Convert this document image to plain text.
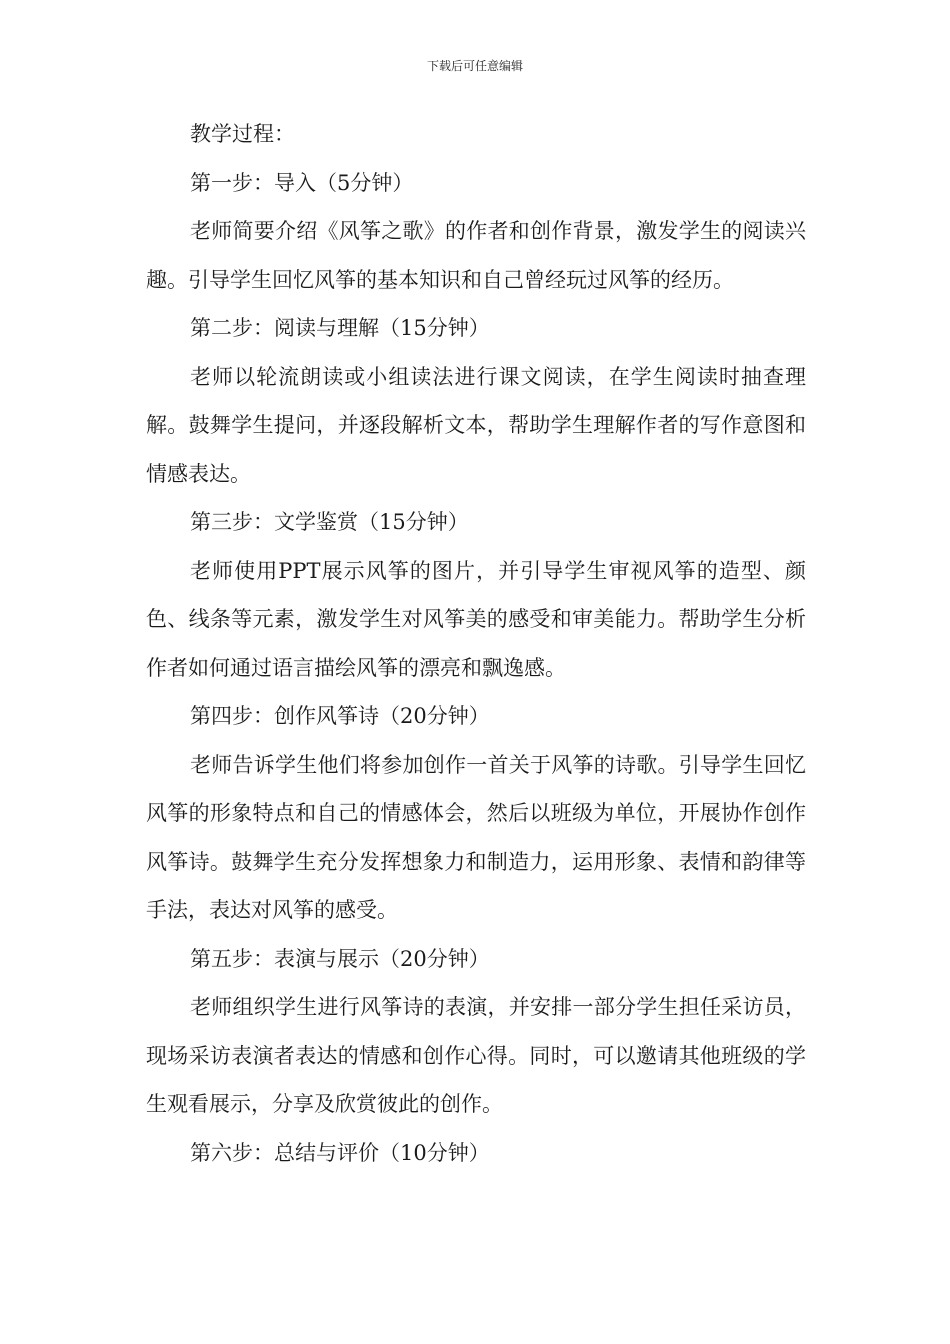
下载后可任意编辑

教学过程：

第一步：导入（5分钟）

老师简要介绍《风筝之歌》的作者和创作背景，激发学生的阅读兴趣。引导学生回忆风筝的基本知识和自己曾经玩过风筝的经历。

第二步：阅读与理解（15分钟）

老师以轮流朗读或小组读法进行课文阅读，在学生阅读时抽查理解。鼓舞学生提问，并逐段解析文本，帮助学生理解作者的写作意图和情感表达。

第三步：文学鉴赏（15分钟）

老师使用PPT展示风筝的图片，并引导学生审视风筝的造型、颜色、线条等元素，激发学生对风筝美的感受和审美能力。帮助学生分析作者如何通过语言描绘风筝的漂亮和飘逸感。

第四步：创作风筝诗（20分钟）

老师告诉学生他们将参加创作一首关于风筝的诗歌。引导学生回忆风筝的形象特点和自己的情感体会，然后以班级为单位，开展协作创作风筝诗。鼓舞学生充分发挥想象力和制造力，运用形象、表情和韵律等手法，表达对风筝的感受。

第五步：表演与展示（20分钟）

老师组织学生进行风筝诗的表演，并安排一部分学生担任采访员，现场采访表演者表达的情感和创作心得。同时，可以邀请其他班级的学生观看展示，分享及欣赏彼此的创作。

第六步：总结与评价（10分钟）
